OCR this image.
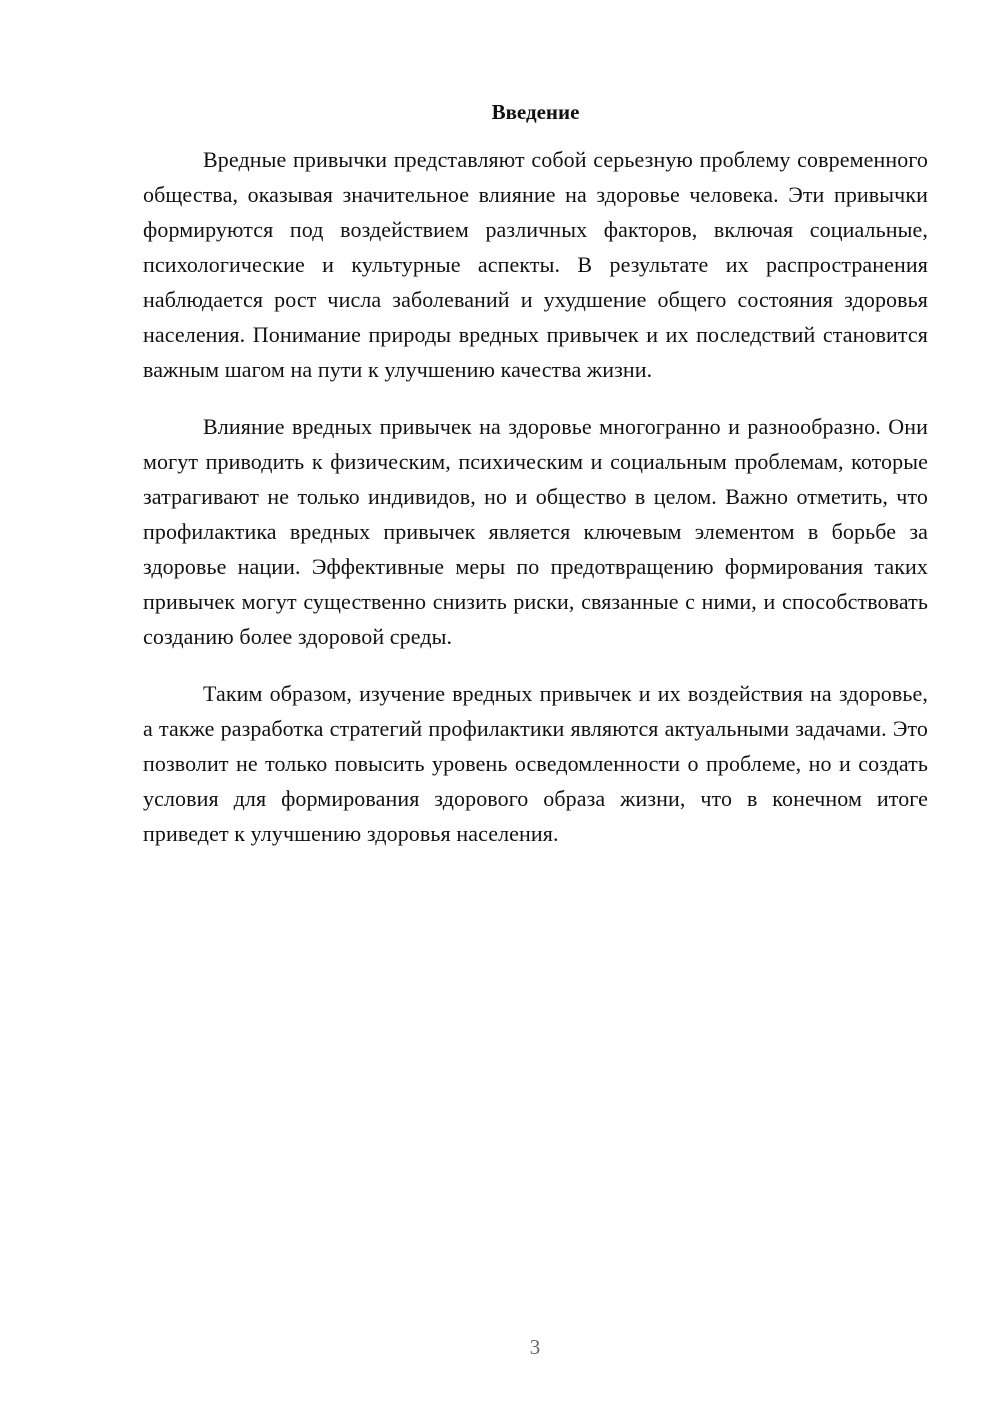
Введение

Вредные привычки представляют собой серьезную проблему современного общества, оказывая значительное влияние на здоровье человека. Эти привычки формируются под воздействием различных факторов, включая социальные, психологические и культурные аспекты. В результате их распространения наблюдается рост числа заболеваний и ухудшение общего состояния здоровья населения. Понимание природы вредных привычек и их последствий становится важным шагом на пути к улучшению качества жизни.

Влияние вредных привычек на здоровье многогранно и разнообразно. Они могут приводить к физическим, психическим и социальным проблемам, которые затрагивают не только индивидов, но и общество в целом. Важно отметить, что профилактика вредных привычек является ключевым элементом в борьбе за здоровье нации. Эффективные меры по предотвращению формирования таких привычек могут существенно снизить риски, связанные с ними, и способствовать созданию более здоровой среды.

Таким образом, изучение вредных привычек и их воздействия на здоровье, а также разработка стратегий профилактики являются актуальными задачами. Это позволит не только повысить уровень осведомленности о проблеме, но и создать условия для формирования здорового образа жизни, что в конечном итоге приведет к улучшению здоровья населения.

3
